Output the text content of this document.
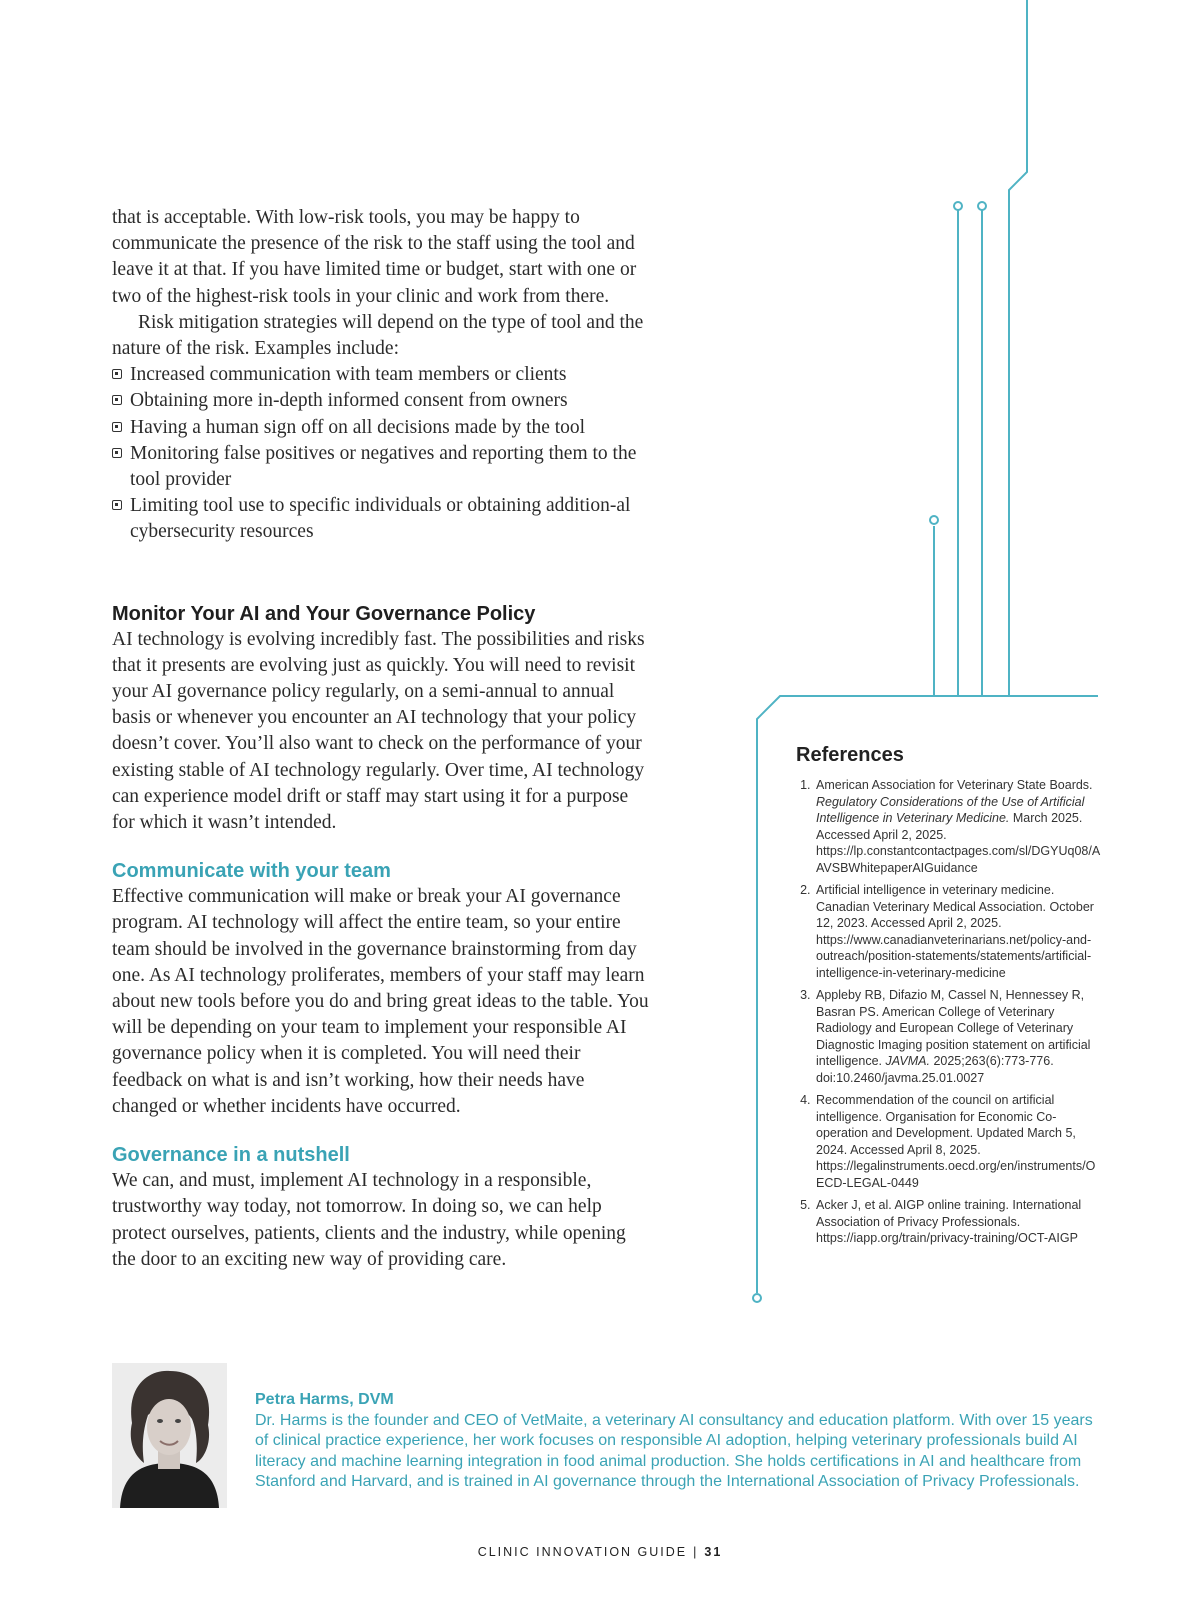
that is acceptable. With low-risk tools, you may be happy to communicate the presence of the risk to the staff using the tool and leave it at that. If you have limited time or budget, start with one or two of the highest-risk tools in your clinic and work from there.

Risk mitigation strategies will depend on the type of tool and the nature of the risk. Examples include:

Increased communication with team members or clients
Obtaining more in-depth informed consent from owners
Having a human sign off on all decisions made by the tool
Monitoring false positives or negatives and reporting them to the tool provider
Limiting tool use to specific individuals or obtaining addition-al cybersecurity resources
Monitor Your AI and Your Governance Policy

AI technology is evolving incredibly fast. The possibilities and risks that it presents are evolving just as quickly. You will need to revisit your AI governance policy regularly, on a semi-annual to annual basis or whenever you encounter an AI technology that your policy doesn’t cover. You’ll also want to check on the performance of your existing stable of AI technology regularly. Over time, AI technology can experience model drift or staff may start using it for a purpose for which it wasn’t intended.

Communicate with your team

Effective communication will make or break your AI governance program. AI technology will affect the entire team, so your entire team should be involved in the governance brainstorming from day one. As AI technology proliferates, members of your staff may learn about new tools before you do and bring great ideas to the table. You will be depending on your team to implement your responsible AI governance policy when it is completed. You will need their feedback on what is and isn’t working, how their needs have changed or whether incidents have occurred.

Governance in a nutshell

We can, and must, implement AI technology in a responsible, trustworthy way today, not tomorrow. In doing so, we can help protect ourselves, patients, clients and the industry, while opening the door to an exciting new way of providing care.

References
1. American Association for Veterinary State Boards. Regulatory Considerations of the Use of Artificial Intelligence in Veterinary Medicine. March 2025. Accessed April 2, 2025. https://lp.constantcontactpages.com/sl/DGYUq08/AAVSBWhitepaperAIGuidance
2. Artificial intelligence in veterinary medicine. Canadian Veterinary Medical Association. October 12, 2023. Accessed April 2, 2025. https://www.canadianveterinarians.net/policy-and-outreach/position-statements/statements/artificial-intelligence-in-veterinary-medicine
3. Appleby RB, Difazio M, Cassel N, Hennessey R, Basran PS. American College of Veterinary Radiology and European College of Veterinary Diagnostic Imaging position statement on artificial intelligence. JAVMA. 2025;263(6):773-776. doi:10.2460/javma.25.01.0027
4. Recommendation of the council on artificial intelligence. Organisation for Economic Co-operation and Development. Updated March 5, 2024. Accessed April 8, 2025. https://legalinstruments.oecd.org/en/instruments/OECD-LEGAL-0449
5. Acker J, et al. AIGP online training. International Association of Privacy Professionals. https://iapp.org/train/privacy-training/OCT-AIGP
Petra Harms, DVM
Dr. Harms is the founder and CEO of VetMaite, a veterinary AI consultancy and education platform. With over 15 years of clinical practice experience, her work focuses on responsible AI adoption, helping veterinary professionals build AI literacy and machine learning integration in food animal production. She holds certifications in AI and healthcare from Stanford and Harvard, and is trained in AI governance through the International Association of Privacy Professionals.
CLINIC INNOVATION GUIDE | 31
